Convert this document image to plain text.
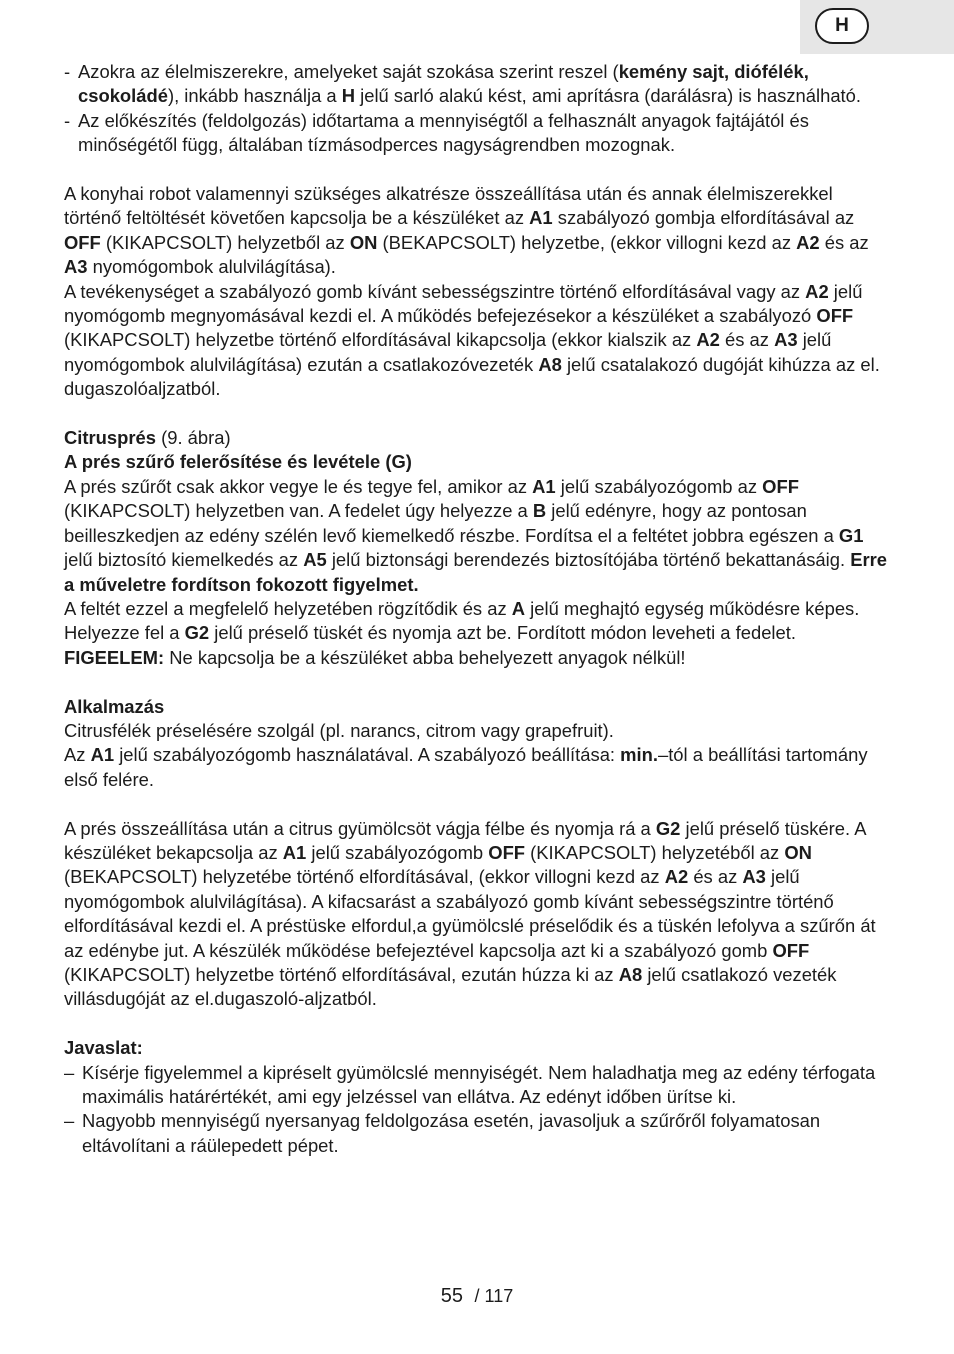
H

- Azokra az élelmiszerekre, amelyeket saját szokása szerint reszel (kemény sajt, diófélék, csokoládé), inkább használja a H jelű sarló alakú kést, ami aprításra (darálásra) is használható.

- Az előkészítés (feldolgozás) időtartama a mennyiségtől a felhasznált anyagok fajtájától és minőségétől függ, általában tízmásodperces nagyságrendben mozognak.

A konyhai robot valamennyi szükséges alkatrésze összeállítása után és annak élelmiszerekkel történő feltöltését követően kapcsolja be a készüléket az A1 szabályozó gombja elfordításával az OFF (KIKAPCSOLT) helyzetből az ON (BEKAPCSOLT) helyzetbe, (ekkor villogni kezd az A2 és az A3 nyomógombok alulvilágítása).

A tevékenységet a szabályozó gomb kívánt sebességszintre történő elfordításával vagy az A2 jelű nyomógomb megnyomásával kezdi el. A működés befejezésekor a készüléket a szabályozó OFF (KIKAPCSOLT) helyzetbe történő elfordításával kikapcsolja (ekkor kialszik az A2 és az A3 jelű nyomógombok alulvilágítása) ezután a csatlakozóvezeték A8 jelű csatalakozó dugóját kihúzza az el. dugaszolóaljzatból.

Citrusprés (9. ábra)

A prés szűrő felerősítése és levétele (G)

A prés szűrőt csak akkor vegye le és tegye fel, amikor az A1 jelű szabályozógomb az OFF (KIKAPCSOLT) helyzetben van. A fedelet úgy helyezze a B jelű edényre, hogy az pontosan beilleszkedjen az edény szélén levő kiemelkedő részbe. Fordítsa el a feltétet jobbra egészen a G1 jelű biztosító kiemelkedés az A5 jelű biztonsági berendezés biztosítójába történő bekattanásáig. Erre a műveletre fordítson fokozott figyelmet.

A feltét ezzel a megfelelő helyzetében rögzítődik és az A jelű meghajtó egység működésre képes. Helyezze fel a G2 jelű préselő tüskét és nyomja azt be. Fordított módon leveheti a fedelet.

FIGEELEM: Ne kapcsolja be a készüléket abba behelyezett anyagok nélkül!

Alkalmazás

Citrusfélék préselésére szolgál (pl. narancs, citrom vagy grapefruit).

Az A1 jelű szabályozógomb használatával. A szabályozó beállítása: min.–tól a beállítási tartomány első felére.

A prés összeállítása után a citrus gyümölcsöt vágja félbe és nyomja rá a G2 jelű préselő tüskére. A készüléket bekapcsolja az A1 jelű szabályozógomb OFF (KIKAPCSOLT) helyzetéből az ON (BEKAPCSOLT) helyzetébe történő elfordításával, (ekkor villogni kezd az A2 és az A3 jelű nyomógombok alulvilágítása). A kifacsarást a szabályozó gomb kívánt sebességszintre történő elfordításával kezdi el. A préstüske elfordul,a gyümölcslé préselődik és a tüskén lefolyva a szűrőn át az edénybe jut. A készülék működése befejeztével kapcsolja azt ki a szabályozó gomb OFF (KIKAPCSOLT) helyzetbe történő elfordításával, ezután húzza ki az A8 jelű csatlakozó vezeték villásdugóját az el.dugaszoló-aljzatból.

Javaslat:

– Kísérje figyelemmel a kipréselt gyümölcslé mennyiségét. Nem haladhatja meg az edény térfogata maximális határértékét, ami egy jelzéssel van ellátva. Az edényt időben ürítse ki.

– Nagyobb mennyiségű nyersanyag feldolgozása esetén, javasoljuk a szűrőről folyamatosan eltávolítani a ráülepedett pépet.

55 / 117
